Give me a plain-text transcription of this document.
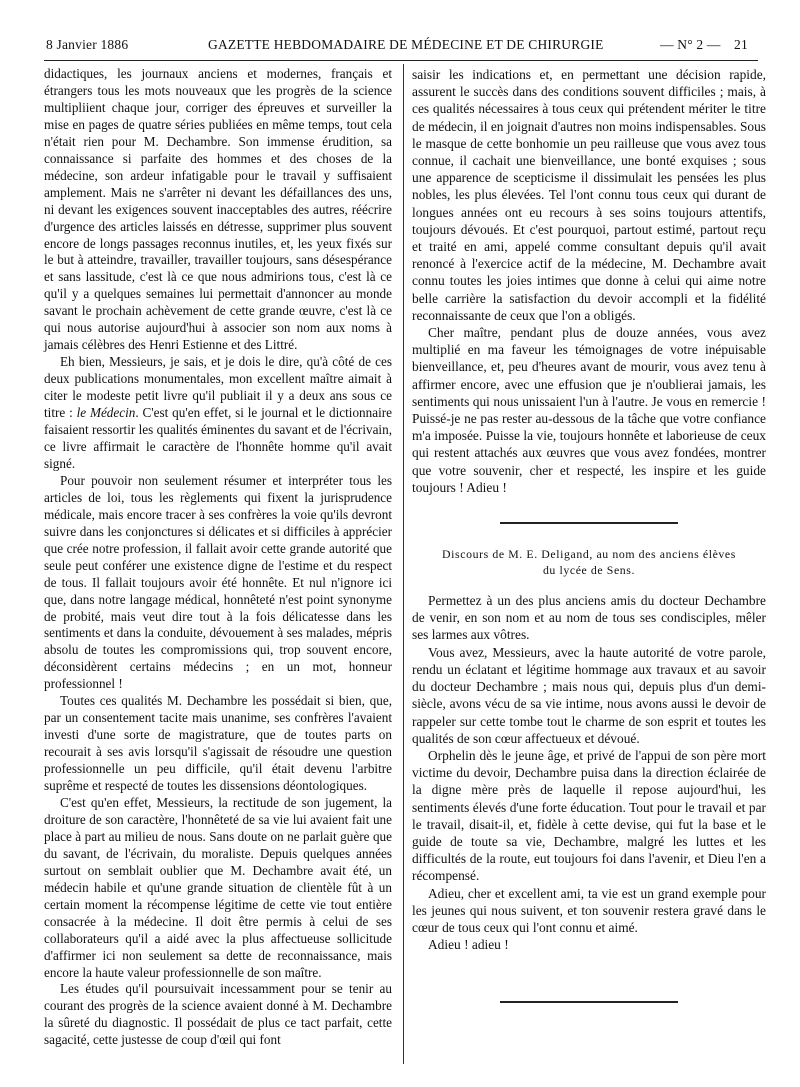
8 Janvier 1886	GAZETTE HEBDOMADAIRE DE MÉDECINE ET DE CHIRURGIE	— N° 2 — 21

didactiques, les journaux anciens et modernes, français et étrangers tous les mots nouveaux que les progrès de la science multipliient chaque jour, corriger des épreuves et surveiller la mise en pages de quatre séries publiées en même temps, tout cela n'était rien pour M. Dechambre. Son immense érudition, sa connaissance si parfaite des hommes et des choses de la médecine, son ardeur infatigable pour le travail y suffisaient amplement. Mais ne s'arrêter ni devant les défaillances des uns, ni devant les exigences souvent inacceptables des autres, réécrire d'urgence des articles laissés en détresse, supprimer plus souvent encore de longs passages reconnus inutiles, et, les yeux fixés sur le but à atteindre, travailler, travailler toujours, sans désespérance et sans lassitude, c'est là ce que nous admirions tous, c'est là ce qu'il y a quelques semaines lui permettait d'annoncer au monde savant le prochain achèvement de cette grande œuvre, c'est là ce qui nous autorise aujourd'hui à associer son nom aux noms à jamais célèbres des Henri Estienne et des Littré.

Eh bien, Messieurs, je sais, et je dois le dire, qu'à côté de ces deux publications monumentales, mon excellent maître aimait à citer le modeste petit livre qu'il publiait il y a deux ans sous ce titre : le Médecin. C'est qu'en effet, si le journal et le dictionnaire faisaient ressortir les qualités éminentes du savant et de l'écrivain, ce livre affirmait le caractère de l'honnête homme qu'il avait signé.

Pour pouvoir non seulement résumer et interpréter tous les articles de loi, tous les règlements qui fixent la jurisprudence médicale, mais encore tracer à ses confrères la voie qu'ils devront suivre dans les conjonctures si délicates et si difficiles à apprécier que crée notre profession, il fallait avoir cette grande autorité que seule peut conférer une existence digne de l'estime et du respect de tous. Il fallait toujours avoir été honnête. Et nul n'ignore ici que, dans notre langage médical, honnêteté n'est point synonyme de probité, mais veut dire tout à la fois délicatesse dans les sentiments et dans la conduite, dévouement à ses malades, mépris absolu de toutes les compromissions qui, trop souvent encore, déconsidèrent certains médecins ; en un mot, honneur professionnel !

Toutes ces qualités M. Dechambre les possédait si bien, que, par un consentement tacite mais unanime, ses confrères l'avaient investi d'une sorte de magistrature, que de toutes parts on recourait à ses avis lorsqu'il s'agissait de résoudre une question professionnelle un peu difficile, qu'il était devenu l'arbitre suprême et respecté de toutes les dissensions déontologiques.

C'est qu'en effet, Messieurs, la rectitude de son jugement, la droiture de son caractère, l'honnêteté de sa vie lui avaient fait une place à part au milieu de nous. Sans doute on ne parlait guère que du savant, de l'écrivain, du moraliste. Depuis quelques années surtout on semblait oublier que M. Dechambre avait été, un médecin habile et qu'une grande situation de clientèle fût à un certain moment la récompense légitime de cette vie tout entière consacrée à la médecine. Il doit être permis à celui de ses collaborateurs qu'il a aidé avec la plus affectueuse sollicitude d'affirmer ici non seulement sa dette de reconnaissance, mais encore la haute valeur professionnelle de son maître.

Les études qu'il poursuivait incessamment pour se tenir au courant des progrès de la science avaient donné à M. Dechambre la sûreté du diagnostic. Il possédait de plus ce tact parfait, cette sagacité, cette justesse de coup d'œil qui font

saisir les indications et, en permettant une décision rapide, assurent le succès dans des conditions souvent difficiles ; mais, à ces qualités nécessaires à tous ceux qui prétendent mériter le titre de médecin, il en joignait d'autres non moins indispensables. Sous le masque de cette bonhomie un peu railleuse que vous avez tous connue, il cachait une bienveillance, une bonté exquises ; sous une apparence de scepticisme il dissimulait les pensées les plus nobles, les plus élevées. Tel l'ont connu tous ceux qui durant de longues années ont eu recours à ses soins toujours attentifs, toujours dévoués. Et c'est pourquoi, partout estimé, partout reçu et traité en ami, appelé comme consultant depuis qu'il avait renoncé à l'exercice actif de la médecine, M. Dechambre avait connu toutes les joies intimes que donne à celui qui aime notre belle carrière la satisfaction du devoir accompli et la fidélité reconnaissante de ceux que l'on a obligés.

Cher maître, pendant plus de douze années, vous avez multiplié en ma faveur les témoignages de votre inépuisable bienveillance, et, peu d'heures avant de mourir, vous avez tenu à affirmer encore, avec une effusion que je n'oublierai jamais, les sentiments qui nous unissaient l'un à l'autre. Je vous en remercie ! Puissé-je ne pas rester au-dessous de la tâche que votre confiance m'a imposée. Puisse la vie, toujours honnête et laborieuse de ceux qui restent attachés aux œuvres que vous avez fondées, montrer que votre souvenir, cher et respecté, les inspire et les guide toujours ! Adieu !

Discours de M. E. Deligand, au nom des anciens élèves
du lycée de Sens.

Permettez à un des plus anciens amis du docteur Dechambre de venir, en son nom et au nom de tous ses condisciples, mêler ses larmes aux vôtres.

Vous avez, Messieurs, avec la haute autorité de votre parole, rendu un éclatant et légitime hommage aux travaux et au savoir du docteur Dechambre ; mais nous qui, depuis plus d'un demi-siècle, avons vécu de sa vie intime, nous avons aussi le devoir de rappeler sur cette tombe tout le charme de son esprit et toutes les qualités de son cœur affectueux et dévoué.

Orphelin dès le jeune âge, et privé de l'appui de son père mort victime du devoir, Dechambre puisa dans la direction éclairée de la digne mère près de laquelle il repose aujourd'hui, les sentiments élevés d'une forte éducation. Tout pour le travail et par le travail, disait-il, et, fidèle à cette devise, qui fut la base et le guide de toute sa vie, Dechambre, malgré les luttes et les difficultés de la route, eut toujours foi dans l'avenir, et Dieu l'en a récompensé.

Adieu, cher et excellent ami, ta vie est un grand exemple pour les jeunes qui nous suivent, et ton souvenir restera gravé dans le cœur de tous ceux qui l'ont connu et aimé.

Adieu ! adieu !
